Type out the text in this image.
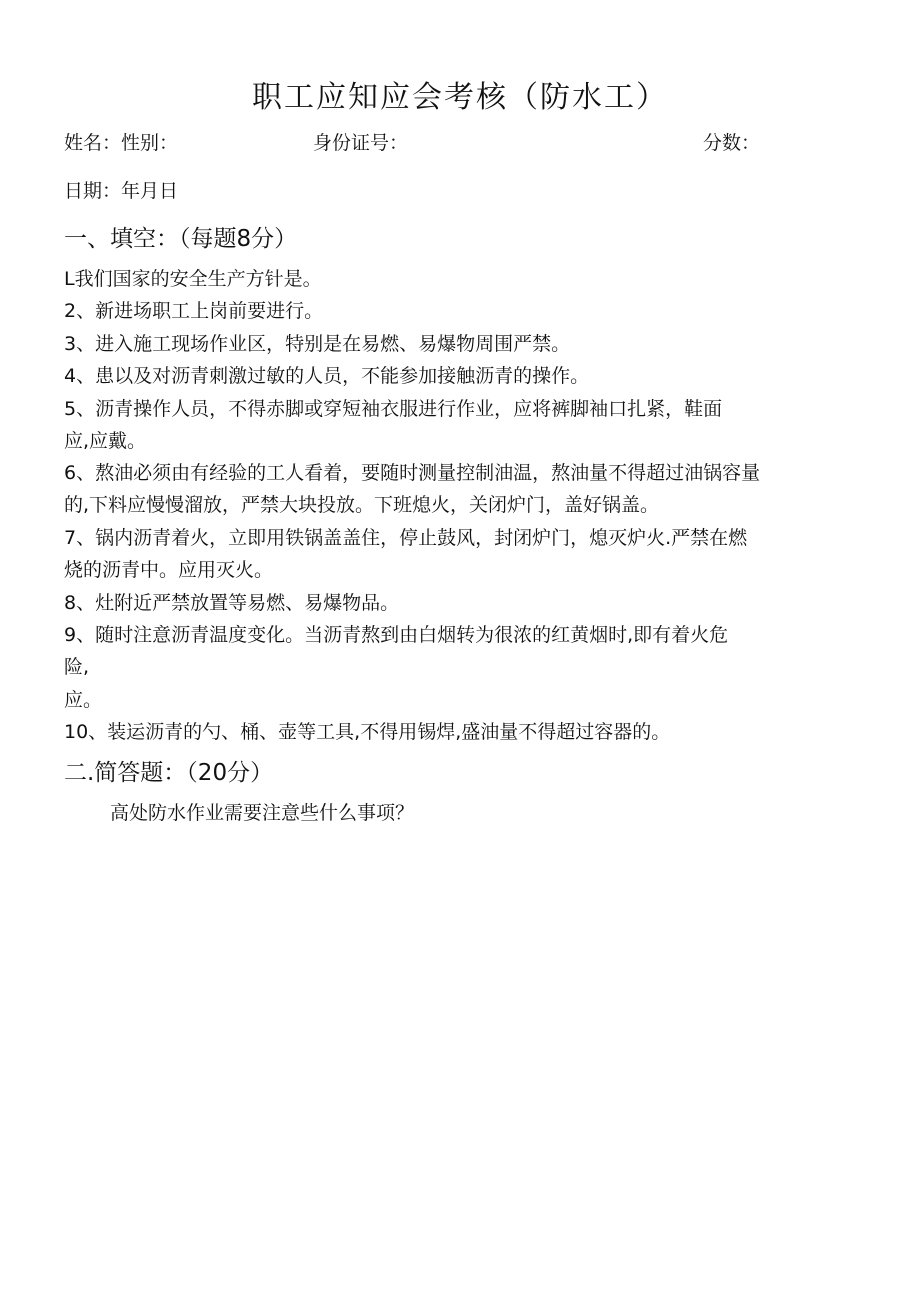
职工应知应会考核（防水工）
姓名：性别：	身份证号：	分数：
日期：年月日
一、填空：（每题8分）
L我们国家的安全生产方针是。
2、新进场职工上岗前要进行。
3、进入施工现场作业区，特别是在易燃、易爆物周围严禁。
4、患以及对沥青刺激过敏的人员，不能参加接触沥青的操作。
5、沥青操作人员，不得赤脚或穿短袖衣服进行作业，应将裤脚袖口扎紧，鞋面
应,应戴。
6、熬油必须由有经验的工人看着，要随时测量控制油温，熬油量不得超过油锅容量
的,下料应慢慢溜放，严禁大块投放。下班熄火，关闭炉门，盖好锅盖。
7、锅内沥青着火，立即用铁锅盖盖住，停止鼓风，封闭炉门，熄灭炉火.严禁在燃
烧的沥青中。应用灭火。
8、灶附近严禁放置等易燃、易爆物品。
9、随时注意沥青温度变化。当沥青熬到由白烟转为很浓的红黄烟时,即有着火危
险,
应。
10、装运沥青的勺、桶、壶等工具,不得用锡焊,盛油量不得超过容器的。
二.简答题：（20分）
高处防水作业需要注意些什么事项？
